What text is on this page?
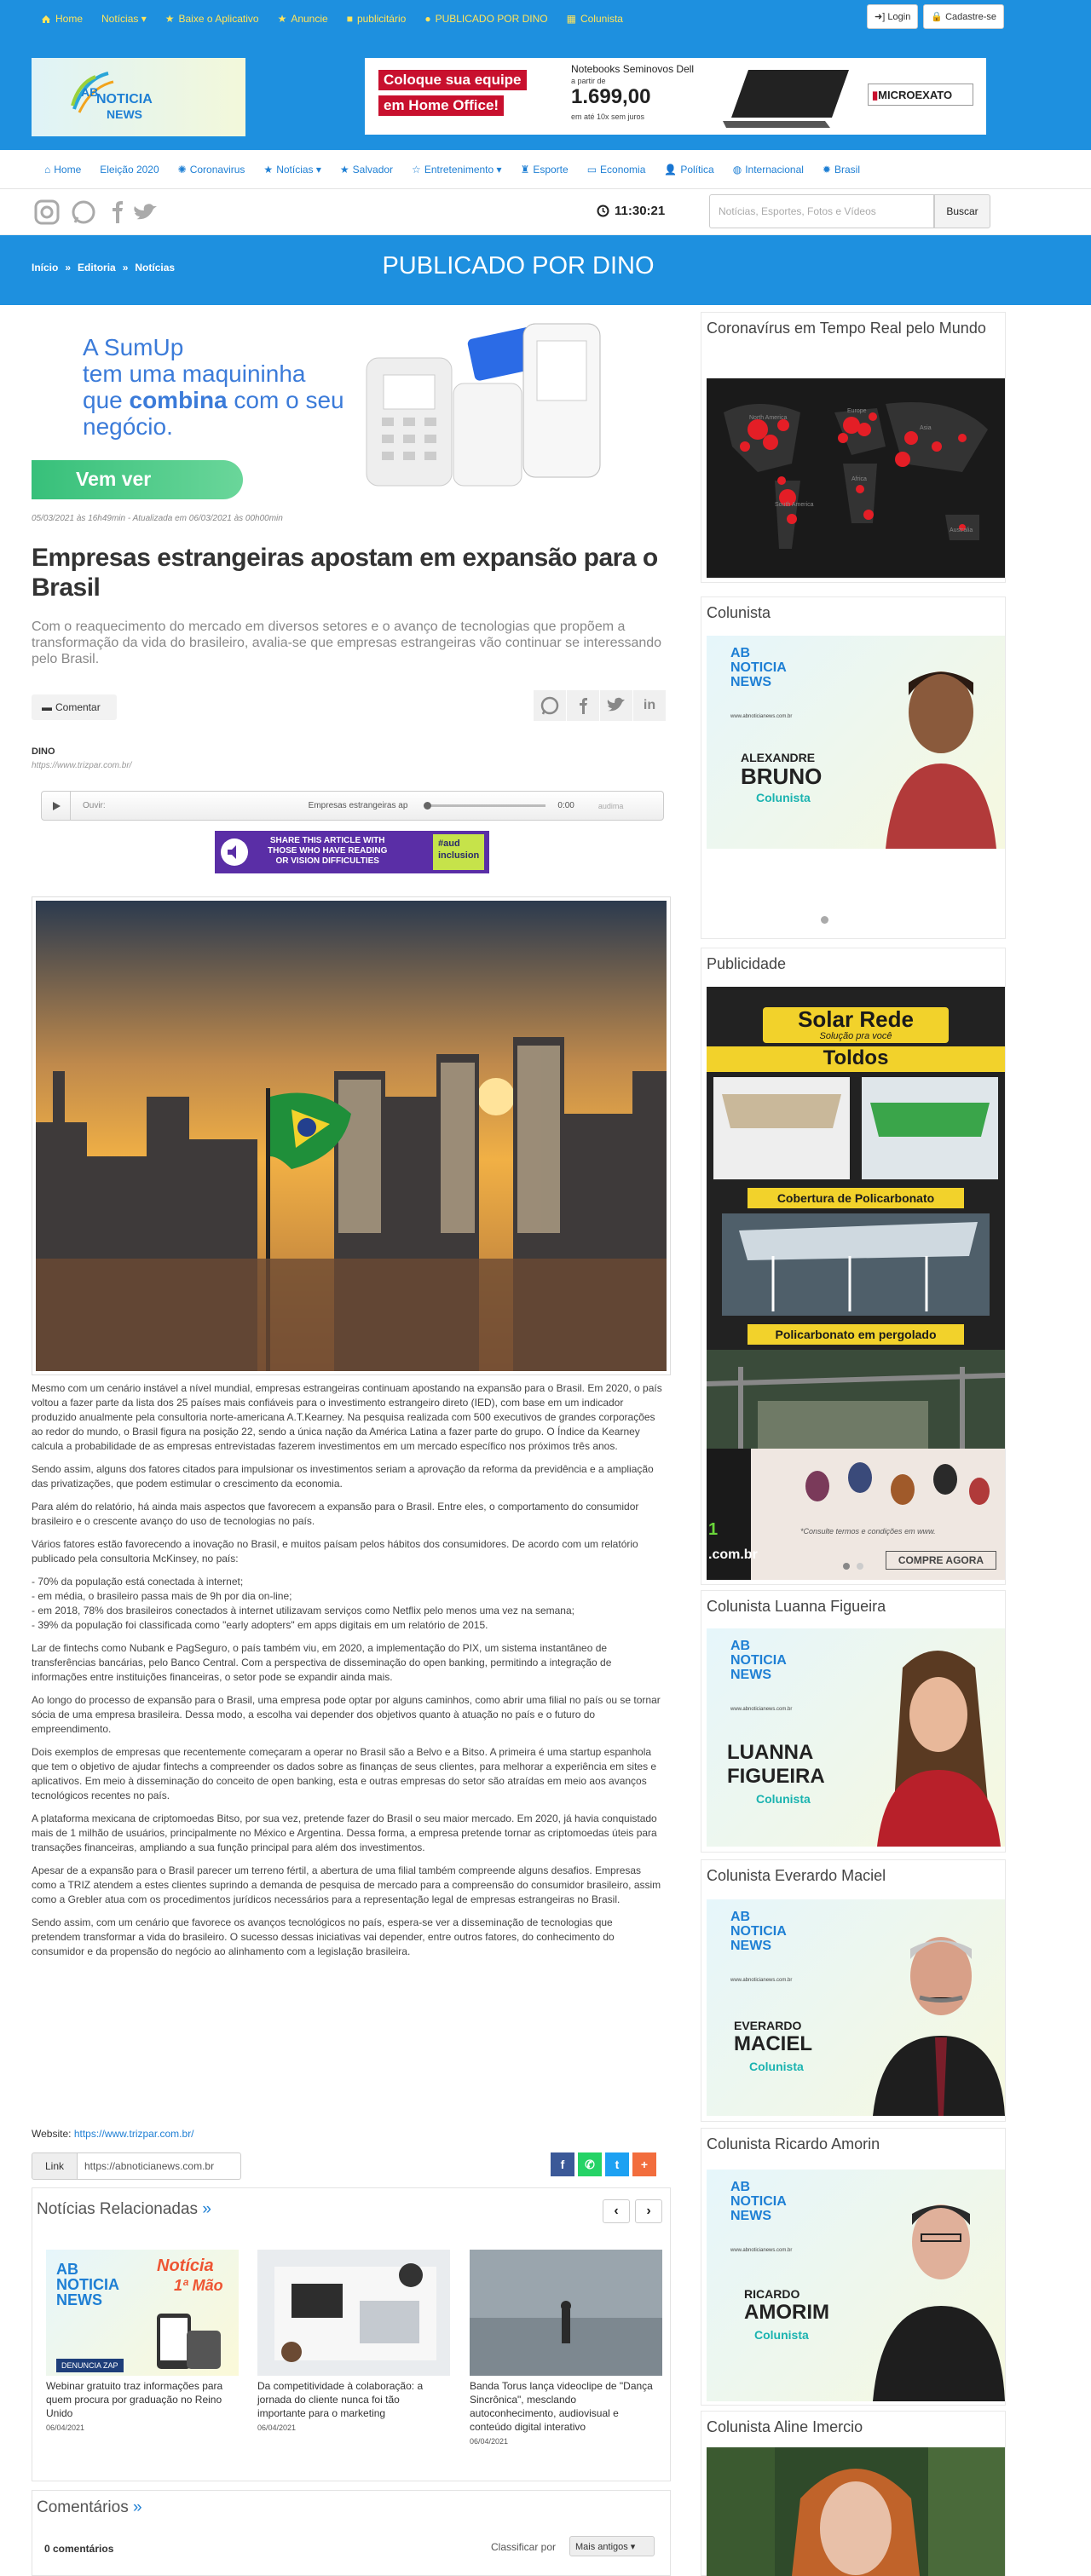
Home Notícias ▾ ★ Baixe o Aplicativo ★ Anuncie ■ publicitário ● PUBLICADO POR DINO ▦ Colunista	➜] Login	🔒 Cadastre-se
AB
NOTICIA
NEWS
Coloque sua equipe
em Home Office!
Notebooks Seminovos Dell
a partir de
1.699,00
em até 10x sem juros
▮MICROEXATO
⌂ Home Eleição 2020 ✺ Coronavirus ★ Notícias ▾ ★ Salvador ☆ Entretenimento ▾ ♜ Esporte ▭ Economia 👤 Política ◍ Internacional ✹ Brasil
11:30:21	Notícias, Esportes, Fotos e Vídeos	Buscar
Início » Editoria » Notícias	PUBLICADO POR DINO
A SumUp
tem uma maquininha
que combina com o seu
negócio.
Vem ver
05/03/2021 às 16h49min - Atualizada em 06/03/2021 às 00h00min
Empresas estrangeiras apostam em expansão para o Brasil
Com o reaquecimento do mercado em diversos setores e o avanço de tecnologias que propõem a transformação da vida do brasileiro, avalia-se que empresas estrangeiras vão continuar se interessando pelo Brasil.
▬ Comentar	in
DINO
https://www.trizpar.com.br/
Ouvir:	Empresas estrangeiras ap	0:00	audima
SHARE THIS ARTICLE WITH
THOSE WHO HAVE READING
OR VISION DIFFICULTIES
#aud
inclusion

Mesmo com um cenário instável a nível mundial, empresas estrangeiras continuam apostando na expansão para o Brasil. Em 2020, o país voltou a fazer parte da lista dos 25 países mais confiáveis para o investimento estrangeiro direto (IED), com base em um indicador produzido anualmente pela consultoria norte-americana A.T.Kearney. Na pesquisa realizada com 500 executivos de grandes corporações ao redor do mundo, o Brasil figura na posição 22, sendo a única nação da América Latina a fazer parte do grupo. O Índice da Kearney calcula a probabilidade de as empresas entrevistadas fazerem investimentos em um mercado específico nos próximos três anos.

Sendo assim, alguns dos fatores citados para impulsionar os investimentos seriam a aprovação da reforma da previdência e a ampliação das privatizações, que podem estimular o crescimento da economia.

Para além do relatório, há ainda mais aspectos que favorecem a expansão para o Brasil. Entre eles, o comportamento do consumidor brasileiro e o crescente avanço do uso de tecnologias no país.

Vários fatores estão favorecendo a inovação no Brasil, e muitos paísam pelos hábitos dos consumidores. De acordo com um relatório publicado pela consultoria McKinsey, no país:

- 70% da população está conectada à internet;
- em média, o brasileiro passa mais de 9h por dia on-line;
- em 2018, 78% dos brasileiros conectados à internet utilizavam serviços como Netflix pelo menos uma vez na semana;
- 39% da população foi classificada como "early adopters" em apps digitais em um relatório de 2015.

Lar de fintechs como Nubank e PagSeguro, o país também viu, em 2020, a implementação do PIX, um sistema instantâneo de transferências bancárias, pelo Banco Central. Com a perspectiva de disseminação do open banking, permitindo a integração de informações entre instituições financeiras, o setor pode se expandir ainda mais.

Ao longo do processo de expansão para o Brasil, uma empresa pode optar por alguns caminhos, como abrir uma filial no país ou se tornar sócia de uma empresa brasileira. Dessa modo, a escolha vai depender dos objetivos quanto à atuação no país e o futuro do empreendimento.

Dois exemplos de empresas que recentemente começaram a operar no Brasil são a Belvo e a Bitso. A primeira é uma startup espanhola que tem o objetivo de ajudar fintechs a compreender os dados sobre as finanças de seus clientes, para melhorar a experiência em sites e aplicativos. Em meio à disseminação do conceito de open banking, esta e outras empresas do setor são atraídas em meio aos avanços tecnológicos recentes no país.

A plataforma mexicana de criptomoedas Bitso, por sua vez, pretende fazer do Brasil o seu maior mercado. Em 2020, já havia conquistado mais de 1 milhão de usuários, principalmente no México e Argentina. Dessa forma, a empresa pretende tornar as criptomoedas úteis para transações financeiras, ampliando a sua função principal para além dos investimentos.

Apesar de a expansão para o Brasil parecer um terreno fértil, a abertura de uma filial também compreende alguns desafios. Empresas como a TRIZ atendem a estes clientes suprindo a demanda de pesquisa de mercado para a compreensão do consumidor brasileiro, assim como a Grebler atua com os procedimentos jurídicos necessários para a representação legal de empresas estrangeiras no Brasil.

Sendo assim, com um cenário que favorece os avanços tecnológicos no país, espera-se ver a disseminação de tecnologias que pretendem transformar a vida do brasileiro. O sucesso dessas iniciativas vai depender, entre outros fatores, do conhecimento do consumidor e da propensão do negócio ao alinhamento com a legislação brasileira.

Website: https://www.trizpar.com.br/
Link	https://abnoticianews.com.br	f ✆ t +
Notícias Relacionadas »	‹ ›
AB
NOTICIA
NEWS
Notícia
1ª Mão
DENUNCIA ZAP
Webinar gratuito traz informações para quem procura por graduação no Reino Unido
06/04/2021
Da competitividade à colaboração: a jornada do cliente nunca foi tão importante para o marketing
06/04/2021
Banda Torus lança videoclipe de "Dança Sincrônica", mesclando autoconhecimento, audiovisual e conteúdo digital interativo
06/04/2021
Comentários »
0 comentários	Classificar por	Mais antigos ▾
Coronavírus em Tempo Real pelo Mundo
North America
South America
Europe
Africa
Asia
Australia
Colunista
AB
NOTICIA
NEWS
www.abnoticianews.com.br
ALEXANDRE
BRUNO
Colunista
Publicidade
Solar Rede
Solução pra você
Toldos
Cobertura de Policarbonato
Policarbonato em pergolado
*Consulte termos e condições em www.
COMPRE AGORA
1
.com.br
Colunista Luanna Figueira
AB
NOTICIA
NEWS
www.abnoticianews.com.br
LUANNA
FIGUEIRA
Colunista
Colunista Everardo Maciel
AB
NOTICIA
NEWS
www.abnoticianews.com.br
EVERARDO
MACIEL
Colunista
Colunista Ricardo Amorin
AB
NOTICIA
NEWS
www.abnoticianews.com.br
RICARDO
AMORIM
Colunista
Colunista Aline Imercio
